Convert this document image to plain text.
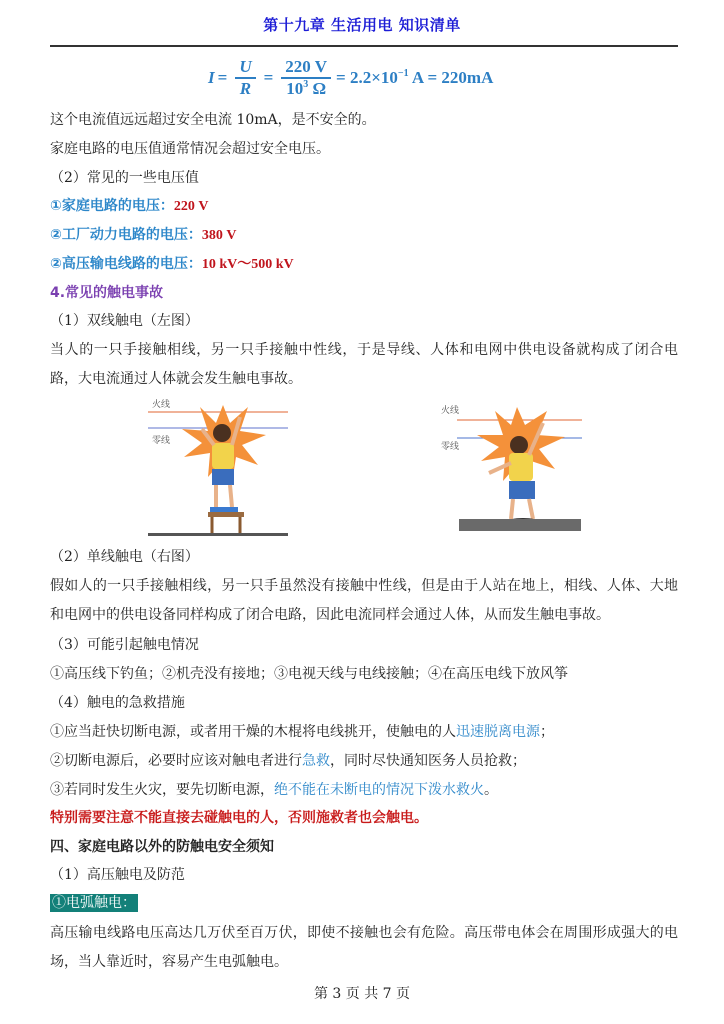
第十九章 生活用电 知识清单
$I = \frac{U}{R} = \frac{220 V}{10^3 \Omega} = 2.2\times 10^{-1}$ A = 220mA
这个电流值远远超过安全电流 10mA，是不安全的。
家庭电路的电压值通常情况会超过安全电压。
（2）常见的一些电压值
①家庭电路的电压：220 V
②工厂动力电路的电压：380 V
②高压输电线路的电压：10 kV～500 kV
4.常见的触电事故
（1）双线触电（左图）
当人的一只手接触相线，另一只手接触中性线，于是导线、人体和电网中供电设备就构成了闭合电路，大电流通过人体就会发生触电事故。
火线
零线
火线
零线
（2）单线触电（右图）
假如人的一只手接触相线，另一只手虽然没有接触中性线，但是由于人站在地上，相线、人体、大地和电网中的供电设备同样构成了闭合电路，因此电流同样会通过人体，从而发生触电事故。
（3）可能引起触电情况
①高压线下钓鱼；②机壳没有接地；③电视天线与电线接触；④在高压电线下放风筝
（4）触电的急救措施
①应当赶快切断电源，或者用干燥的木棍将电线挑开，使触电的人迅速脱离电源；
②切断电源后，必要时应该对触电者进行急救，同时尽快通知医务人员抢救；
③若同时发生火灾，要先切断电源，绝不能在未断电的情况下泼水救火。
特别需要注意不能直接去碰触电的人，否则施救者也会触电。
四、家庭电路以外的防触电安全须知
（1）高压触电及防范
①电弧触电：
高压输电线路电压高达几万伏至百万伏，即使不接触也会有危险。高压带电体会在周围形成强大的电场，当人靠近时，容易产生电弧触电。
第 3 页 共 7 页
